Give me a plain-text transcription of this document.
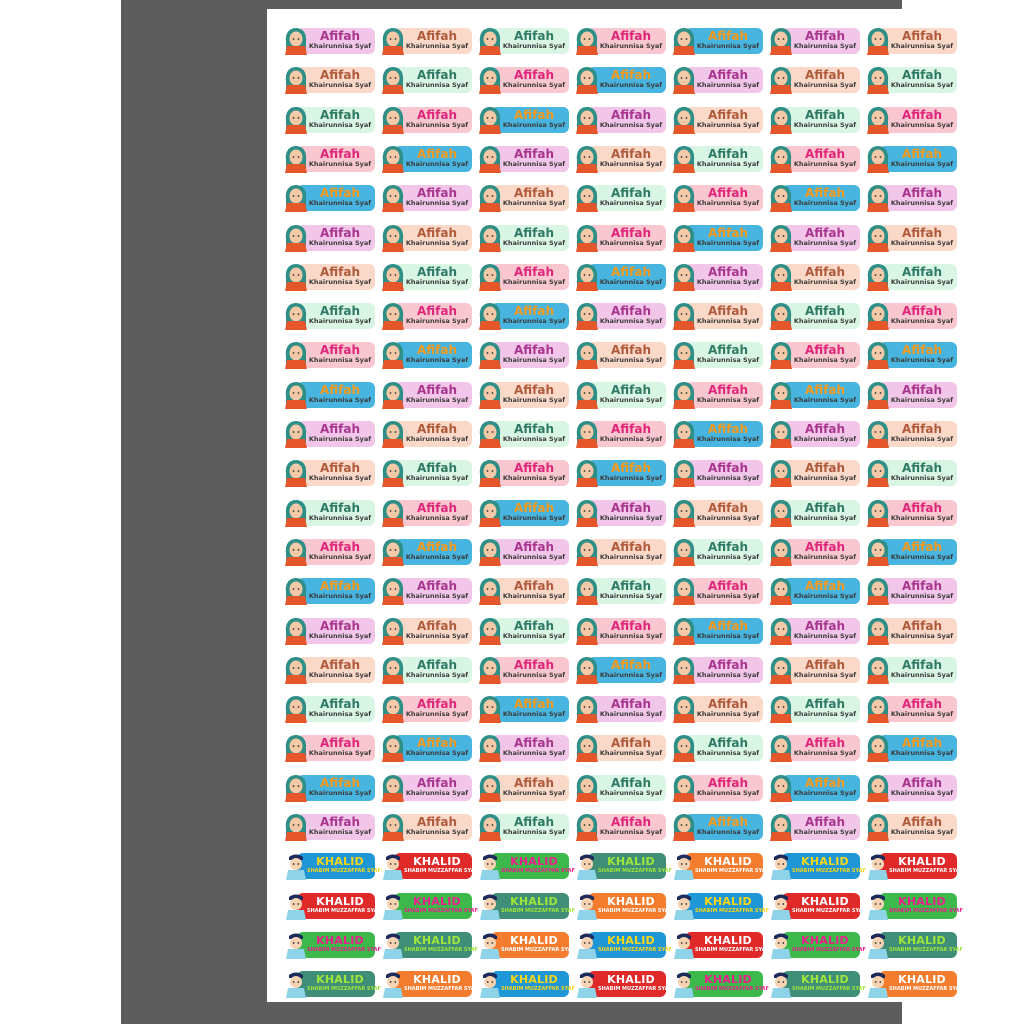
Afifah
Khairunnisa Syaf
Afifah
Khairunnisa Syaf
Afifah
Khairunnisa Syaf
Afifah
Khairunnisa Syaf
Afifah
Khairunnisa Syaf
Afifah
Khairunnisa Syaf
Afifah
Khairunnisa Syaf
Afifah
Khairunnisa Syaf
Afifah
Khairunnisa Syaf
Afifah
Khairunnisa Syaf
Afifah
Khairunnisa Syaf
Afifah
Khairunnisa Syaf
Afifah
Khairunnisa Syaf
Afifah
Khairunnisa Syaf
Afifah
Khairunnisa Syaf
Afifah
Khairunnisa Syaf
Afifah
Khairunnisa Syaf
Afifah
Khairunnisa Syaf
Afifah
Khairunnisa Syaf
Afifah
Khairunnisa Syaf
Afifah
Khairunnisa Syaf
Afifah
Khairunnisa Syaf
Afifah
Khairunnisa Syaf
Afifah
Khairunnisa Syaf
Afifah
Khairunnisa Syaf
Afifah
Khairunnisa Syaf
Afifah
Khairunnisa Syaf
Afifah
Khairunnisa Syaf
Afifah
Khairunnisa Syaf
Afifah
Khairunnisa Syaf
Afifah
Khairunnisa Syaf
Afifah
Khairunnisa Syaf
Afifah
Khairunnisa Syaf
Afifah
Khairunnisa Syaf
Afifah
Khairunnisa Syaf
Afifah
Khairunnisa Syaf
Afifah
Khairunnisa Syaf
Afifah
Khairunnisa Syaf
Afifah
Khairunnisa Syaf
Afifah
Khairunnisa Syaf
Afifah
Khairunnisa Syaf
Afifah
Khairunnisa Syaf
Afifah
Khairunnisa Syaf
Afifah
Khairunnisa Syaf
Afifah
Khairunnisa Syaf
Afifah
Khairunnisa Syaf
Afifah
Khairunnisa Syaf
Afifah
Khairunnisa Syaf
Afifah
Khairunnisa Syaf
Afifah
Khairunnisa Syaf
Afifah
Khairunnisa Syaf
Afifah
Khairunnisa Syaf
Afifah
Khairunnisa Syaf
Afifah
Khairunnisa Syaf
Afifah
Khairunnisa Syaf
Afifah
Khairunnisa Syaf
Afifah
Khairunnisa Syaf
Afifah
Khairunnisa Syaf
Afifah
Khairunnisa Syaf
Afifah
Khairunnisa Syaf
Afifah
Khairunnisa Syaf
Afifah
Khairunnisa Syaf
Afifah
Khairunnisa Syaf
Afifah
Khairunnisa Syaf
Afifah
Khairunnisa Syaf
Afifah
Khairunnisa Syaf
Afifah
Khairunnisa Syaf
Afifah
Khairunnisa Syaf
Afifah
Khairunnisa Syaf
Afifah
Khairunnisa Syaf
Afifah
Khairunnisa Syaf
Afifah
Khairunnisa Syaf
Afifah
Khairunnisa Syaf
Afifah
Khairunnisa Syaf
Afifah
Khairunnisa Syaf
Afifah
Khairunnisa Syaf
Afifah
Khairunnisa Syaf
Afifah
Khairunnisa Syaf
Afifah
Khairunnisa Syaf
Afifah
Khairunnisa Syaf
Afifah
Khairunnisa Syaf
Afifah
Khairunnisa Syaf
Afifah
Khairunnisa Syaf
Afifah
Khairunnisa Syaf
Afifah
Khairunnisa Syaf
Afifah
Khairunnisa Syaf
Afifah
Khairunnisa Syaf
Afifah
Khairunnisa Syaf
Afifah
Khairunnisa Syaf
Afifah
Khairunnisa Syaf
Afifah
Khairunnisa Syaf
Afifah
Khairunnisa Syaf
Afifah
Khairunnisa Syaf
Afifah
Khairunnisa Syaf
Afifah
Khairunnisa Syaf
Afifah
Khairunnisa Syaf
Afifah
Khairunnisa Syaf
Afifah
Khairunnisa Syaf
Afifah
Khairunnisa Syaf
Afifah
Khairunnisa Syaf
Afifah
Khairunnisa Syaf
Afifah
Khairunnisa Syaf
Afifah
Khairunnisa Syaf
Afifah
Khairunnisa Syaf
Afifah
Khairunnisa Syaf
Afifah
Khairunnisa Syaf
Afifah
Khairunnisa Syaf
Afifah
Khairunnisa Syaf
Afifah
Khairunnisa Syaf
Afifah
Khairunnisa Syaf
Afifah
Khairunnisa Syaf
Afifah
Khairunnisa Syaf
Afifah
Khairunnisa Syaf
Afifah
Khairunnisa Syaf
Afifah
Khairunnisa Syaf
Afifah
Khairunnisa Syaf
Afifah
Khairunnisa Syaf
Afifah
Khairunnisa Syaf
Afifah
Khairunnisa Syaf
Afifah
Khairunnisa Syaf
Afifah
Khairunnisa Syaf
Afifah
Khairunnisa Syaf
Afifah
Khairunnisa Syaf
Afifah
Khairunnisa Syaf
Afifah
Khairunnisa Syaf
Afifah
Khairunnisa Syaf
Afifah
Khairunnisa Syaf
Afifah
Khairunnisa Syaf
Afifah
Khairunnisa Syaf
Afifah
Khairunnisa Syaf
Afifah
Khairunnisa Syaf
Afifah
Khairunnisa Syaf
Afifah
Khairunnisa Syaf
Afifah
Khairunnisa Syaf
Afifah
Khairunnisa Syaf
Afifah
Khairunnisa Syaf
Afifah
Khairunnisa Syaf
Afifah
Khairunnisa Syaf
Afifah
Khairunnisa Syaf
Afifah
Khairunnisa Syaf
Afifah
Khairunnisa Syaf
Afifah
Khairunnisa Syaf
Afifah
Khairunnisa Syaf
Afifah
Khairunnisa Syaf
Afifah
Khairunnisa Syaf
Afifah
Khairunnisa Syaf
Afifah
Khairunnisa Syaf
KHALID
SHABIM MUZZAFFAR SYAF
KHALID
SHABIM MUZZAFFAR SYAF
KHALID
SHABIM MUZZAFFAR SYAF
KHALID
SHABIM MUZZAFFAR SYAF
KHALID
SHABIM MUZZAFFAR SYAF
KHALID
SHABIM MUZZAFFAR SYAF
KHALID
SHABIM MUZZAFFAR SYAF
KHALID
SHABIM MUZZAFFAR SYAF
KHALID
SHABIM MUZZAFFAR SYAF
KHALID
SHABIM MUZZAFFAR SYAF
KHALID
SHABIM MUZZAFFAR SYAF
KHALID
SHABIM MUZZAFFAR SYAF
KHALID
SHABIM MUZZAFFAR SYAF
KHALID
SHABIM MUZZAFFAR SYAF
KHALID
SHABIM MUZZAFFAR SYAF
KHALID
SHABIM MUZZAFFAR SYAF
KHALID
SHABIM MUZZAFFAR SYAF
KHALID
SHABIM MUZZAFFAR SYAF
KHALID
SHABIM MUZZAFFAR SYAF
KHALID
SHABIM MUZZAFFAR SYAF
KHALID
SHABIM MUZZAFFAR SYAF
KHALID
SHABIM MUZZAFFAR SYAF
KHALID
SHABIM MUZZAFFAR SYAF
KHALID
SHABIM MUZZAFFAR SYAF
KHALID
SHABIM MUZZAFFAR SYAF
KHALID
SHABIM MUZZAFFAR SYAF
KHALID
SHABIM MUZZAFFAR SYAF
KHALID
SHABIM MUZZAFFAR SYAF
